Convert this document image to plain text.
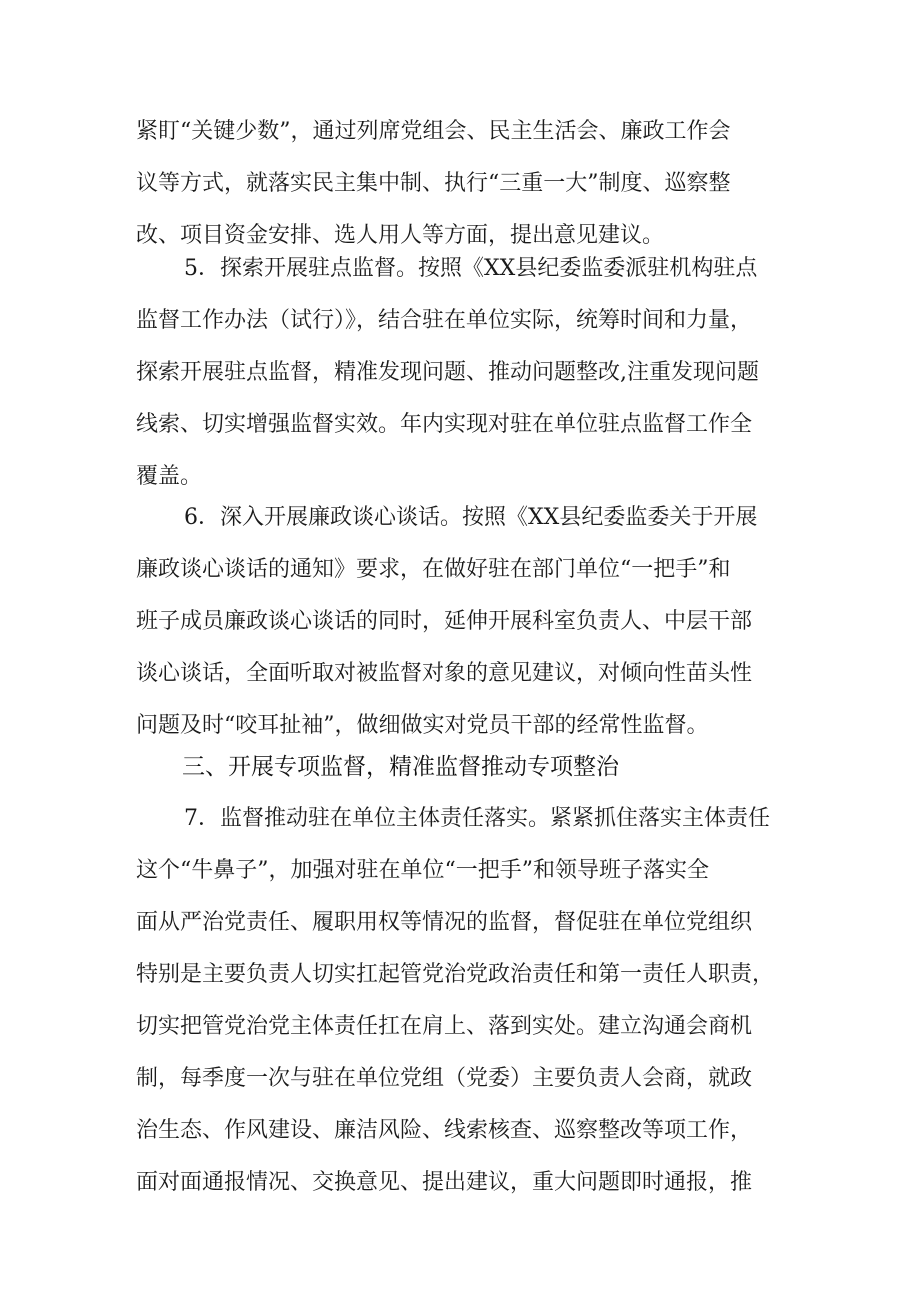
紧盯“关键少数”，通过列席党组会、民主生活会、廉政工作会
议等方式，就落实民主集中制、执行“三重一大”制度、巡察整
改、项目资金安排、选人用人等方面，提出意见建议。
5．探索开展驻点监督。按照《XX县纪委监委派驻机构驻点
监督工作办法（试行）》，结合驻在单位实际，统筹时间和力量，
探索开展驻点监督，精准发现问题、推动问题整改,注重发现问题
线索、切实增强监督实效。年内实现对驻在单位驻点监督工作全
覆盖。
6．深入开展廉政谈心谈话。按照《XX县纪委监委关于开展
廉政谈心谈话的通知》要求，在做好驻在部门单位“一把手”和
班子成员廉政谈心谈话的同时，延伸开展科室负责人、中层干部
谈心谈话，全面听取对被监督对象的意见建议，对倾向性苗头性
问题及时“咬耳扯袖”，做细做实对党员干部的经常性监督。
三、开展专项监督，精准监督推动专项整治
7．监督推动驻在单位主体责任落实。紧紧抓住落实主体责任
这个“牛鼻子”，加强对驻在单位“一把手”和领导班子落实全
面从严治党责任、履职用权等情况的监督，督促驻在单位党组织
特别是主要负责人切实扛起管党治党政治责任和第一责任人职责，
切实把管党治党主体责任扛在肩上、落到实处。建立沟通会商机
制，每季度一次与驻在单位党组（党委）主要负责人会商，就政
治生态、作风建设、廉洁风险、线索核查、巡察整改等项工作，
面对面通报情况、交换意见、提出建议，重大问题即时通报，推
